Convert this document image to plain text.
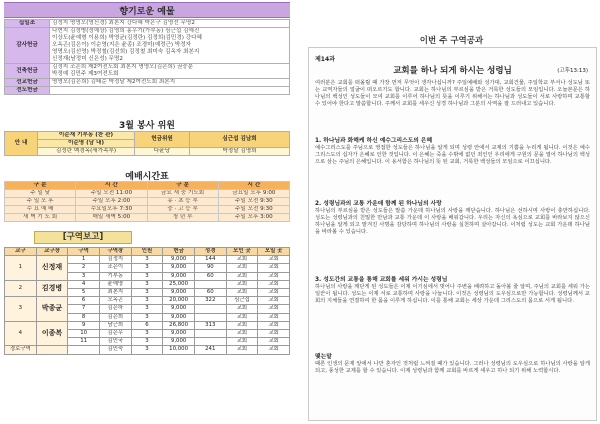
향기로운 예물
십일조	김정지 명영오(영신경) 최본지 강다혜 박은구 김영선 무명2
감사헌금	나현지 김정병(정예상) 김영희 홍우기(가부동) 심근섭 김예진
이상도(윤예형 이용희) 박영균(김정란) 김정희(김민경) 강다혜
오옥곤(김은이) 이순영(지은 윤종) 조경미(예정근) 박정자
영명오(김선영) 박정철(김선희) 김정철 최미숙 김옥자 최본지
신정재(남정미 신은성) 무명2
건축헌금	김정지 조은희 제2여전도회 최본지 명영오(김은희) 권중분
박정예 김민주 제3여전도회
선교헌금	명영오(김은희) 김태순 박정달 제2여전도회 최본지
전도헌금	
3월 봉사 위원
안 내	이순재 기부동 (찬 관)	헌금위원	심근섭 김남희
	이순영 (남 내)		
	김정란 백경옥(새가족부)	다윤당	박정달 김명희
예배시간표
구 분	시 간	구 분	시 간
주 일 낮	주일 오전 11:00	금요 새 중 기도회	금요일 오후 9:00
주 일 오 후	주일 오후 2:00	유 · 초 등 부	주일 오전 9:30
수 요 예 배	수요일오후 7:30	중 · 고 등 부	주일 오전 9:30
새 벽 기 도 회	매일 새벽 5:00	청 년 부	주일 오후 3:00
[구역보고]
교구	교구장	구역	구역장	인원	헌금	성경	모인 곳	모일 곳
1	신정재	1	김정지	3	9,000	144	교회	교회
		2	조은이	3	9,000	90	교회	교회
		3	기부동	3	9,000	60	교회	교회
2	김경병	4	윤예영	3	25,000		교회	교회
		5	최본지	3	9,000	60	교회	교회
3	박종균	6	오옥곤	3	20,000	322	심근섭	교회
		7	김은하	3	9,000		교회	교회
		8	김은희	3	9,000		교회	교회
4	이종복	9	남근희	6	26,800	313	교회	교회
		10	김은우	3	9,000		교회	교회
		11	김민국	3	9,000		교회	교회
경로구역			김민숙	3	10,000	241	교회	교회
이번 주 구역공과
제14과
교회를 하나 되게 하시는 성령님	(고후13:13)
여러분은 교회를 떠올릴 때 가장 먼저 무엇이 생각나십니까? 주일예배와 성가대, 교회건물, 주일학교 부서나 성도님 또는 교역자들의 얼굴이 떠오르기도 합니다. 교회는 하나님의 부르심을 받은 거룩한 성도들의 모임입니다. 오늘본문은 하나님의 백성인 성도들이 모여 교회를 이루어 하나님의 뜻을 이루기 위해서는 하나님과 성도들이 서로 사랑하며 교통할 수 있어야 한다고 말씀합니다. 주께서 교회를 세우신 성경 하나님과 그분의 사역을 잘 드러내고 있습니다.
1. 하나님과 화해케 하신 예수그리스도의 은혜
예수그리스도를 주님으로 영접한 성도들은 하나님을 알게 되며 성령 안에서 교제의 기쁨을 누리게 됩니다. 이것은 예수그리스도의 십자가 은혜로 인한 것입니다. 이 은혜는 죽을 수밖에 없던 죄인인 우리에게 구원의 문을 열어 하나님의 백성으로 삼는 주님의 은혜입니다. 이 용서함은 하나님의 뜻 된 교회, 거룩한 백성들의 모임으로 이끄십니다.
2. 성령님과의 교통 가운데 함께 된 하나님의 사랑
하나님의 부르심을 받은 성도들은 말씀 가운데 하나님의 사랑을 깨닫습니다. 하나님은 선하시며 사랑이 충만하십니다. 성도는 성령님과의 친밀한 만남과 교통 가운데 이 사랑을 배워갑니다. 우리는 자신의 욕심으로 교회를 바라보지 않으신 하나님을 알게 되고 맡겨진 사명을 감당하며 하나님의 사랑을 실천하며 살아갑니다. 이처럼 성도는 교회 가운데 하나님을 바라볼 수 있습니다.
3. 성도간의 교통을 통해 교회를 세워 가시는 성령님
하나님의 사랑을 깨닫게 된 성도들은 이제 이기심에서 벗어나 주변을 배려하고 돌아볼 줄 알며, 주님의 교회를 세워 가는 일꾼이 됩니다. 성도는 이제 서로 교통하며 사랑을 나눕니다. 이것은 성령님의 도우심으로만 가능합니다. 성령님께서 교회의 지체들을 연결하여 한 몸을 이루게 하십니다. 이를 통해 교회는 세상 가운데 그리스도의 몸으로 서게 됩니다.
맺는말
때론 인생의 문제 앞에서 나만 혼자인 것처럼 느껴질 때가 있습니다. 그러나 성령님의 도우심으로 하나님의 사랑을 알게 되고, 풍성한 교제를 할 수 있습니다. 이제 성령님과 함께 교회를 바르게 세우고 하나 되기 위해 노력합시다.
